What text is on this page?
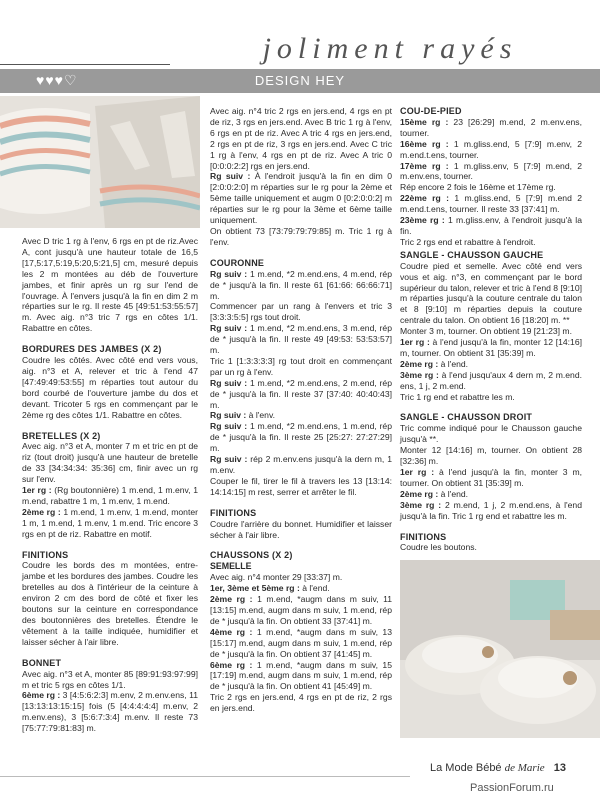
joliment rayés
♥♥♥♡	DESIGN HEY

Avec D tric 1 rg à l'env, 6 rgs en pt de riz.Avec A, cont jusqu'à une hauteur totale de 16,5 [17,5:17,5:19,5:20,5:21,5] cm, mesuré depuis les 2 m montées au déb de l'ouverture jambes, et finir après un rg sur l'end de l'ouvrage. À l'envers jusqu'à la fin en dim 2 m réparties sur le rg. Il reste 45 [49:51:53:55:57] m. Avec aig. n°3 tric 7 rgs en côtes 1/1. Rabattre en côtes.

BORDURES DES JAMBES (X 2)

Coudre les côtés. Avec côté end vers vous, aig. n°3 et A, relever et tric à l'end 47 [47:49:49:53:55] m réparties tout autour du bord courbé de l'ouverture jambe du dos et devant. Tricoter 5 rgs en commençant par le 2ème rg des côtes 1/1. Rabattre en côtes.

BRETELLES (X 2)

Avec aig. n°3 et A, monter 7 m et tric en pt de riz (tout droit) jusqu'à une hauteur de bretelle de 33 [34:34:34: 35:36] cm, finir avec un rg sur l'env.

1er rg : (Rg boutonnière) 1 m.end, 1 m.env, 1 m.end, rabattre 1 m, 1 m.env, 1 m.end.

2ème rg : 1 m.end, 1 m.env, 1 m.end, monter 1 m, 1 m.end, 1 m.env, 1 m.end. Tric encore 3 rgs en pt de riz. Rabattre en motif.

FINITIONS

Coudre les bords des m montées, entre-jambe et les bordures des jambes. Coudre les bretelles au dos à l'intérieur de la ceinture à environ 2 cm des bord de côté et fixer les boutons sur la ceinture en correspondance des boutonnières des bretelles. Étendre le vêtement à la taille indiquée, humidifier et laisser sécher à l'air libre.

BONNET

Avec aig. n°3 et A, monter 85 [89:91:93:97:99] m et tric 5 rgs en côtes 1/1.

6ème rg : 3 [4:5:6:2:3] m.env, 2 m.env.ens, 11 [13:13:13:15:15] fois (5 [4:4:4:4:4] m.env, 2 m.env.ens), 3 [5:6:7:3:4] m.env. Il reste 73 [75:77:79:81:83] m.

Avec aig. n°4 tric 2 rgs en jers.end, 4 rgs en pt de riz, 3 rgs en jers.end. Avec B tric 1 rg à l'env, 6 rgs en pt de riz. Avec A tric 4 rgs en jers.end, 2 rgs en pt de riz, 3 rgs en jers.end. Avec C tric 1 rg à l'env, 4 rgs en pt de riz. Avec A tric 0 [0:0:0:2:2] rgs en jers.end.

Rg suiv : À l'endroit jusqu'à la fin en dim 0 [2:0:0:2:0] m réparties sur le rg pour la 2ème et 5ème taille uniquement et augm 0 [0:2:0:0:2] m réparties sur le rg pour la 3ème et 6ème taille uniquement.

On obtient 73 [73:79:79:79:85] m. Tric 1 rg à l'env.

COURONNE

Rg suiv : 1 m.end, *2 m.end.ens, 4 m.end, rép de * jusqu'à la fin. Il reste 61 [61:66: 66:66:71] m.

Commencer par un rang à l'envers et tric 3 [3:3:3:5:5] rgs tout droit.

Rg suiv : 1 m.end, *2 m.end.ens, 3 m.end, rép de * jusqu'à la fin. Il reste 49 [49:53: 53:53:57] m.

Tric 1 [1:3:3:3:3] rg tout droit en commençant par un rg à l'env.

Rg suiv : 1 m.end, *2 m.end.ens, 2 m.end, rép de * jusqu'à la fin. Il reste 37 [37:40: 40:40:43] m.

Rg suiv : à l'env.

Rg suiv : 1 m.end, *2 m.end.ens, 1 m.end, rép de * jusqu'à la fin. Il reste 25 [25:27: 27:27:29] m.

Rg suiv : rép 2 m.env.ens jusqu'à la dern m, 1 m.env.

Couper le fil, tirer le fil à travers les 13 [13:14: 14:14:15] m rest, serrer et arrêter le fil.

FINITIONS

Coudre l'arrière du bonnet. Humidifier et laisser sécher à l'air libre.

CHAUSSONS (X 2)
SEMELLE

Avec aig. n°4 monter 29 [33:37] m.

1er, 3ème et 5ème rg : à l'end.

2ème rg : 1 m.end, *augm dans m suiv, 11 [13:15] m.end, augm dans m suiv, 1 m.end, rép de * jusqu'à la fin. On obtient 33 [37:41] m.

4ème rg : 1 m.end, *augm dans m suiv, 13 [15:17] m.end, augm dans m suiv, 1 m.end, rép de * jusqu'à la fin. On obtient 37 [41:45] m.

6ème rg : 1 m.end, *augm dans m suiv, 15 [17:19] m.end, augm dans m suiv, 1 m.end, rép de * jusqu'à la fin. On obtient 41 [45:49] m.

Tric 2 rgs en jers.end, 4 rgs en pt de riz, 2 rgs en jers.end.

COU-DE-PIED

15ème rg : 23 [26:29] m.end, 2 m.env.ens, tourner.

16ème rg : 1 m.gliss.end, 5 [7:9] m.env, 2 m.end.t.ens, tourner.

17ème rg : 1 m.gliss.env, 5 [7:9] m.end, 2 m.env.ens, tourner.

Rép encore 2 fois le 16ème et 17ème rg.

22ème rg : 1 m.gliss.end, 5 [7:9] m.end 2 m.end.t.ens, tourner. Il reste 33 [37:41] m.

23ème rg : 1 m.gliss.env, à l'endroit jusqu'à la fin.

Tric 2 rgs end et rabattre à l'endroit.

SANGLE - CHAUSSON GAUCHE

Coudre pied et semelle. Avec côté end vers vous et aig. n°3, en commençant par le bord supérieur du talon, relever et tric à l'end 8 [9:10] m réparties jusqu'à la couture centrale du talon et 8 [9:10] m réparties depuis la couture centrale du talon. On obtient 16 [18:20] m. **

Monter 3 m, tourner. On obtient 19 [21:23] m.

1er rg : à l'end jusqu'à la fin, monter 12 [14:16] m, tourner. On obtient 31 [35:39] m.

2ème rg : à l'end.

3ème rg : à l'end jusqu'aux 4 dern m, 2 m.end. ens, 1 j, 2 m.end.

Tric 1 rg end et rabattre les m.

SANGLE - CHAUSSON DROIT

Tric comme indiqué pour le Chausson gauche jusqu'à **.

Monter 12 [14:16] m, tourner. On obtient 28 [32:36] m.

1er rg : à l'end jusqu'à la fin, monter 3 m, tourner. On obtient 31 [35:39] m.

2ème rg : à l'end.

3ème rg : 2 m.end, 1 j, 2 m.end.ens, à l'end jusqu'à la fin. Tric 1 rg end et rabattre les m.

FINITIONS

Coudre les boutons.

La Mode Bébé de Marie 13
PassionForum.ru
